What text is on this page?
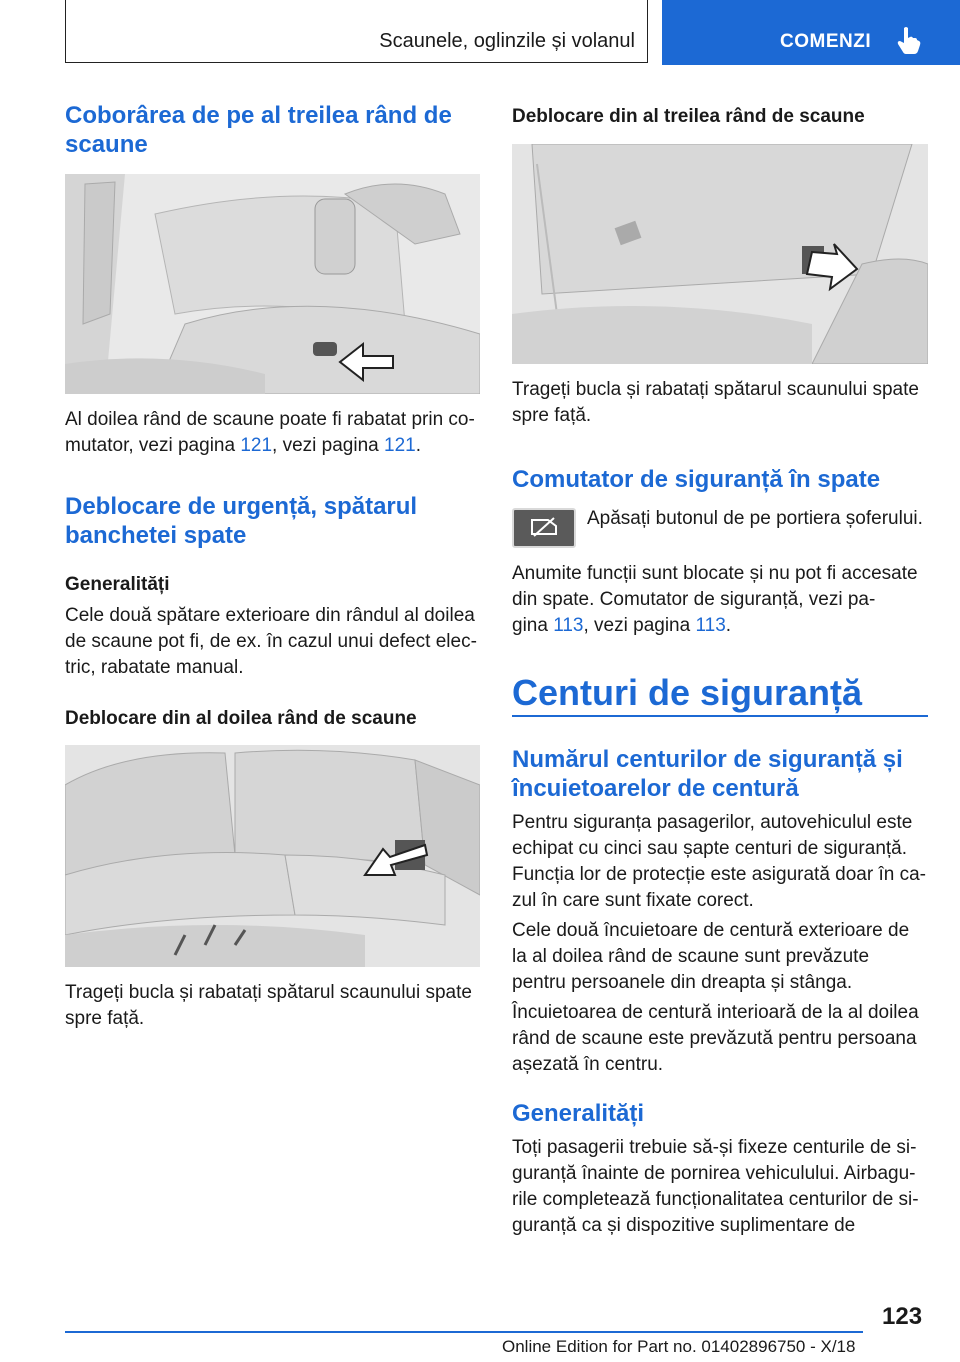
Scaunele, oglinzile și volanul	COMENZI
Coborârea de pe al treilea rând de scaune

Al doilea rând de scaune poate fi rabatat prin co-
mutator, vezi pagina 121, vezi pagina 121.

Deblocare de urgență, spătarul banchetei spate
Generalități

Cele două spătare exterioare din rândul al doilea de scaune pot fi, de ex. în cazul unui defect elec-tric, rabatate manual.

Deblocare din al doilea rând de scaune

Trageți bucla și rabatați spătarul scaunului spate spre față.

Deblocare din al treilea rând de scaune

Trageți bucla și rabatați spătarul scaunului spate spre față.

Comutator de siguranță în spate

Apăsați butonul de pe portiera șoferului.

Anumite funcții sunt blocate și nu pot fi accesate din spate. Comutator de siguranță, vezi pa-
gina 113, vezi pagina 113.

Centuri de siguranță
Numărul centurilor de siguranță și încuietoarelor de centură

Pentru siguranța pasagerilor, autovehiculul este echipat cu cinci sau șapte centuri de siguranță. Funcția lor de protecție este asigurată doar în ca-zul în care sunt fixate corect.

Cele două încuietoare de centură exterioare de la al doilea rând de scaune sunt prevăzute pentru persoanele din dreapta și stânga.

Încuietoarea de centură interioară de la al doilea rând de scaune este prevăzută pentru persoana așezată în centru.

Generalități

Toți pasagerii trebuie să-și fixeze centurile de si-guranță înainte de pornirea vehiculului. Airbagu-rile completează funcționalitatea centurilor de si-guranță ca și dispozitive suplimentare de

123
Online Edition for Part no. 01402896750 - X/18
